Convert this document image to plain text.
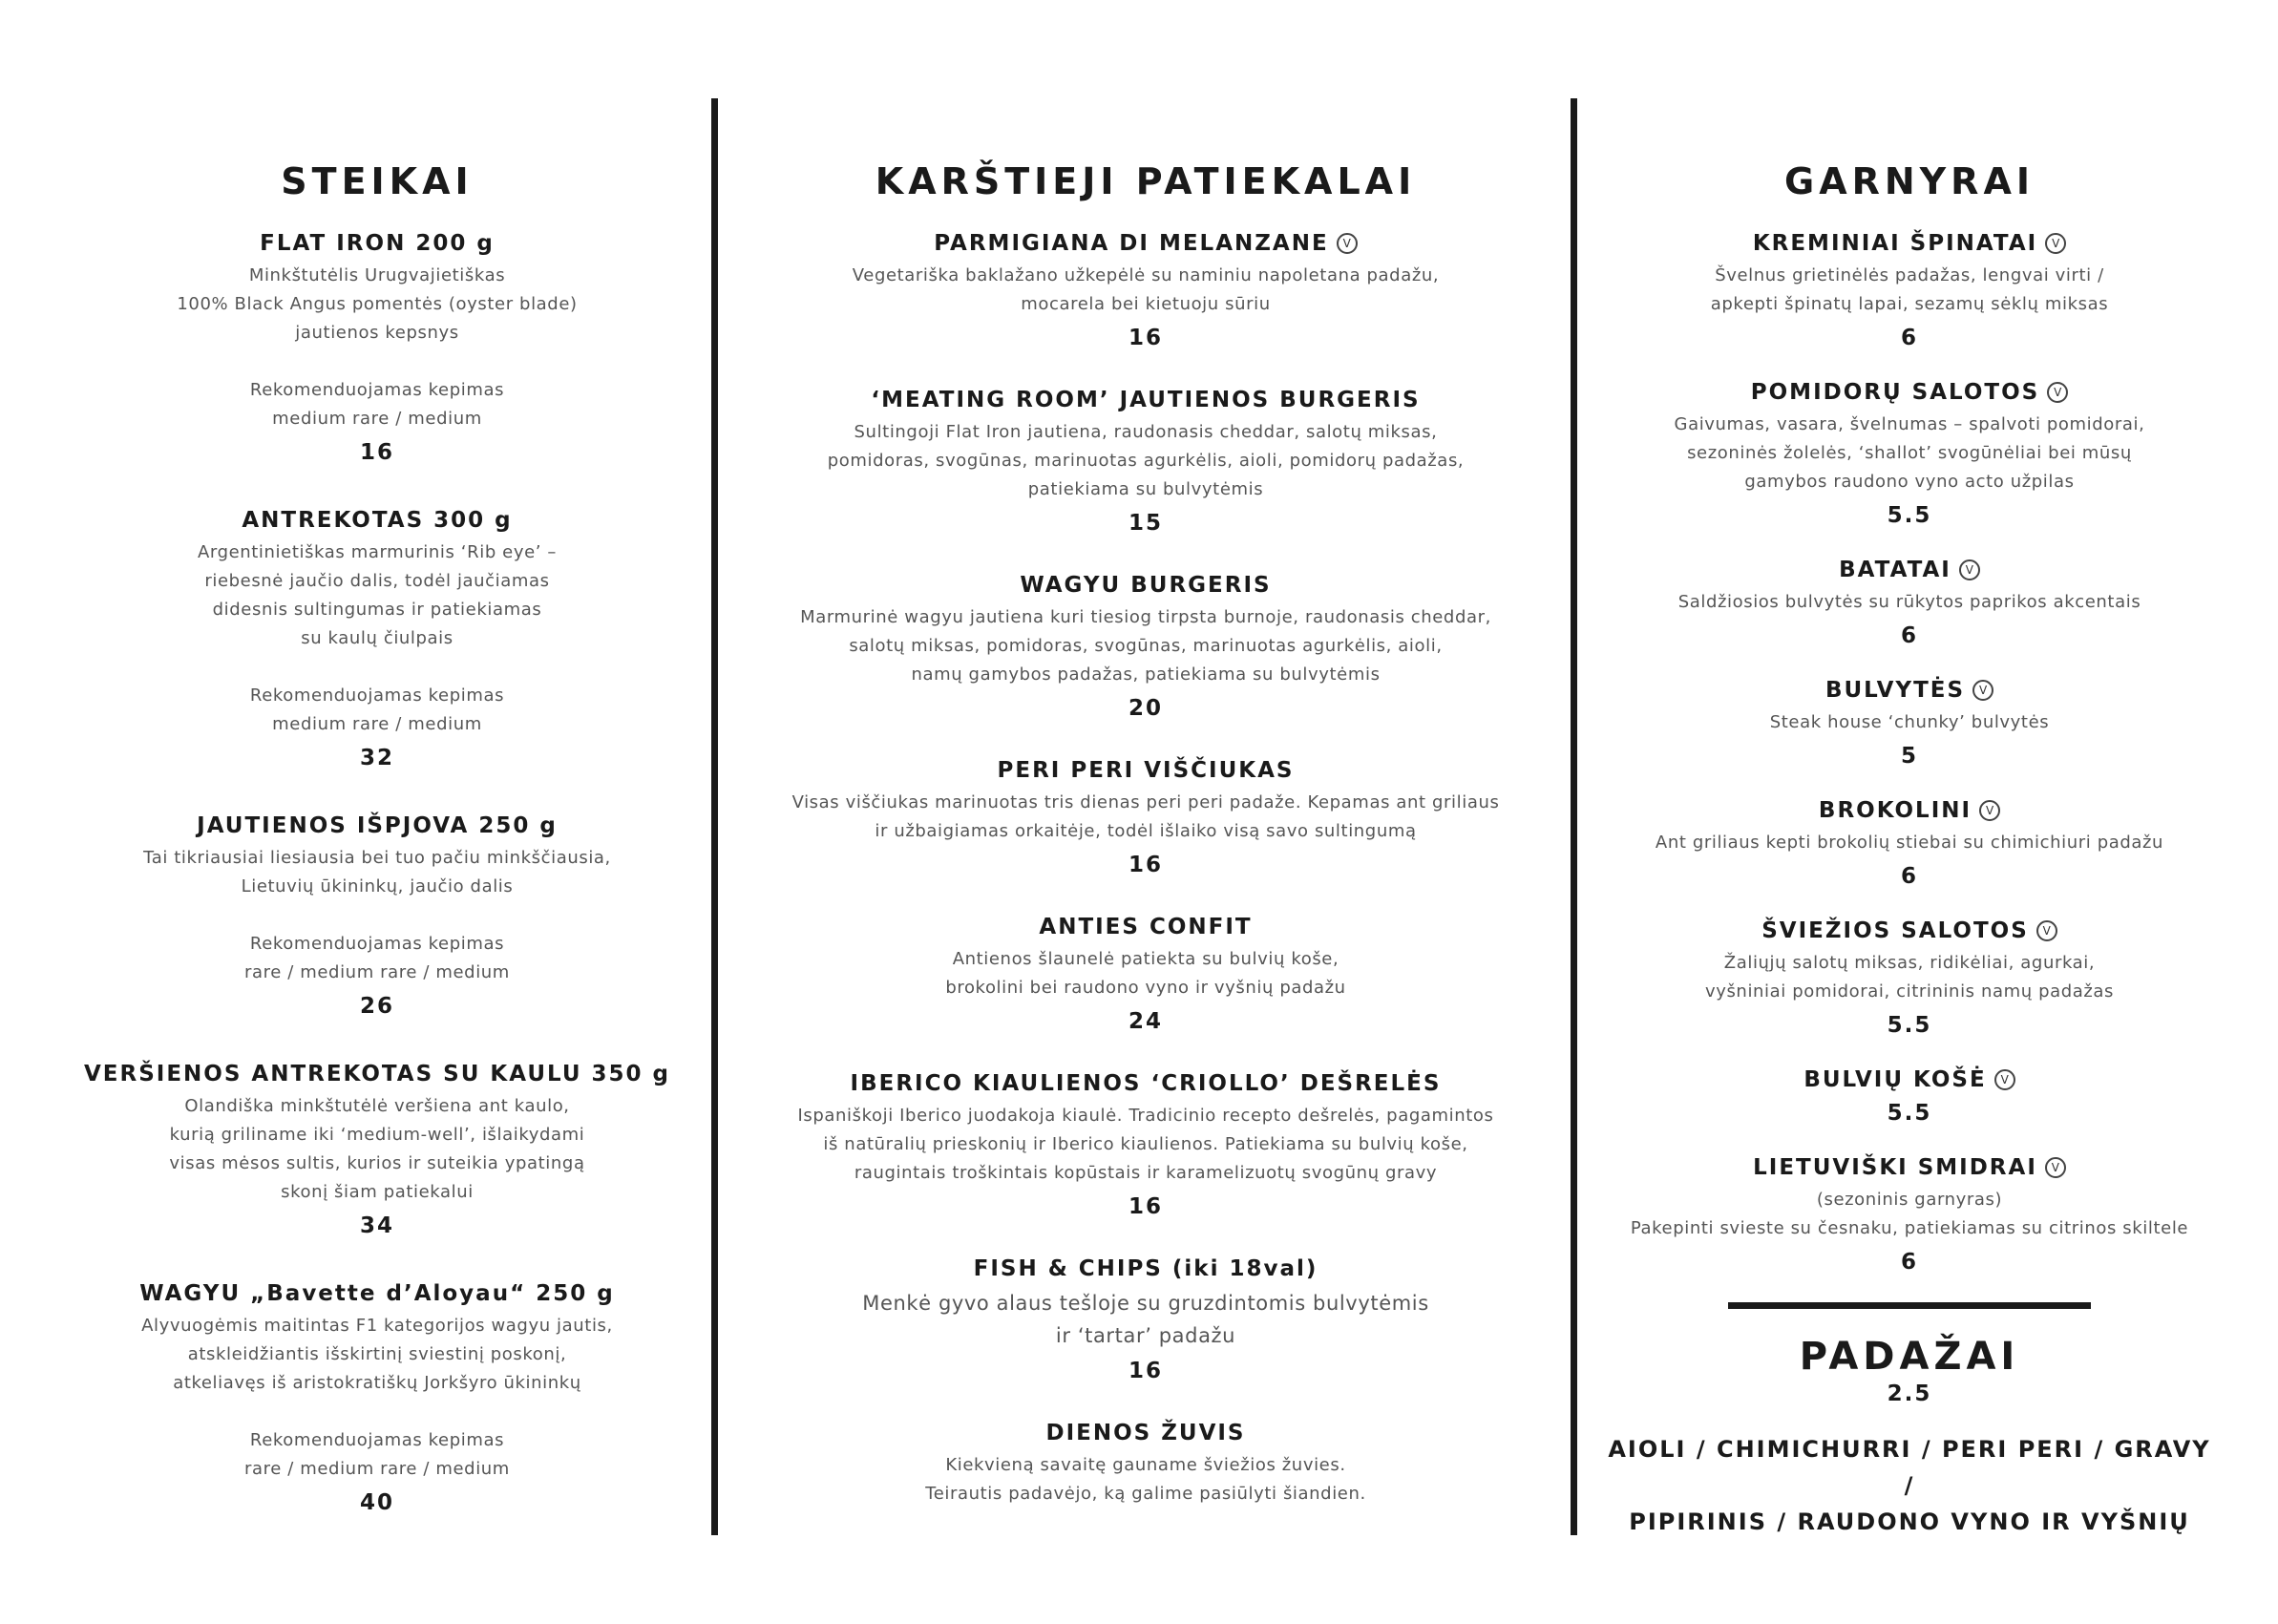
STEIKAI
FLAT IRON 200 g
Minkštutėlis Urugvajietiškas
100% Black Angus pomentės (oyster blade)
jautienos kepsnys
Rekomenduojamas kepimas
medium rare / medium
16
ANTREKOTAS 300 g
Argentinietiškas marmurinis ‘Rib eye’ –
riebesnė jaučio dalis, todėl jaučiamas
didesnis sultingumas ir patiekiamas
su kaulų čiulpais
Rekomenduojamas kepimas
medium rare / medium
32
JAUTIENOS IŠPJOVA 250 g
Tai tikriausiai liesiausia bei tuo pačiu minkščiausia,
Lietuvių ūkininkų, jaučio dalis
Rekomenduojamas kepimas
rare / medium rare / medium
26
VERŠIENOS ANTREKOTAS SU KAULU 350 g
Olandiška minkštutėlė veršiena ant kaulo,
kurią griliname iki ‘medium-well’, išlaikydami
visas mėsos sultis, kurios ir suteikia ypatingą
skonį šiam patiekalui
34
WAGYU „Bavette d’Aloyau“ 250 g
Alyvuogėmis maitintas F1 kategorijos wagyu jautis,
atskleidžiantis išskirtinį sviestinį poskonį,
atkeliavęs iš aristokratiškų Jorkšyro ūkininkų
Rekomenduojamas kepimas
rare / medium rare / medium
40
KARŠTIEJI PATIEKALAI
PARMIGIANA DI MELANZANE V
Vegetariška baklažano užkepėlė su naminiu napoletana padažu,
mocarela bei kietuoju sūriu
16
‘MEATING ROOM’ JAUTIENOS BURGERIS
Sultingoji Flat Iron jautiena, raudonasis cheddar, salotų miksas,
pomidoras, svogūnas, marinuotas agurkėlis, aioli, pomidorų padažas,
patiekiama su bulvytėmis
15
WAGYU BURGERIS
Marmurinė wagyu jautiena kuri tiesiog tirpsta burnoje, raudonasis cheddar,
salotų miksas, pomidoras, svogūnas, marinuotas agurkėlis, aioli,
namų gamybos padažas, patiekiama su bulvytėmis
20
PERI PERI VIŠČIUKAS
Visas viščiukas marinuotas tris dienas peri peri padaže. Kepamas ant griliaus
ir užbaigiamas orkaitėje, todėl išlaiko visą savo sultingumą
16
ANTIES CONFIT
Antienos šlaunelė patiekta su bulvių koše,
brokolini bei raudono vyno ir vyšnių padažu
24
IBERICO KIAULIENOS ‘CRIOLLO’ DEŠRELĖS
Ispaniškoji Iberico juodakoja kiaulė. Tradicinio recepto dešrelės, pagamintos
iš natūralių prieskonių ir Iberico kiaulienos. Patiekiama su bulvių koše,
raugintais troškintais kopūstais ir karamelizuotų svogūnų gravy
16
FISH & CHIPS (iki 18val)
Menkė gyvo alaus tešloje su gruzdintomis bulvytėmis
ir ‘tartar’ padažu
16
DIENOS ŽUVIS
Kiekvieną savaitę gauname šviežios žuvies.
Teirautis padavėjo, ką galime pasiūlyti šiandien.
GARNYRAI
KREMINIAI ŠPINATAI V
Švelnus grietinėlės padažas, lengvai virti /
apkepti špinatų lapai, sezamų sėklų miksas
6
POMIDORŲ SALOTOS V
Gaivumas, vasara, švelnumas – spalvoti pomidorai,
sezoninės žolelės, ‘shallot’ svogūnėliai bei mūsų
gamybos raudono vyno acto užpilas
5.5
BATATAI V
Saldžiosios bulvytės su rūkytos paprikos akcentais
6
BULVYTĖS V
Steak house ‘chunky’ bulvytės
5
BROKOLINI V
Ant griliaus kepti brokolių stiebai su chimichiuri padažu
6
ŠVIEŽIOS SALOTOS V
Žaliųjų salotų miksas, ridikėliai, agurkai,
vyšniniai pomidorai, citrininis namų padažas
5.5
BULVIŲ KOŠĖ V
5.5
LIETUVIŠKI SMIDRAI V
(sezoninis garnyras)
Pakepinti svieste su česnaku, patiekiamas su citrinos skiltele
6
PADAŽAI
2.5
AIOLI / CHIMICHURRI / PERI PERI / GRAVY /
PIPIRINIS / RAUDONO VYNO IR VYŠNIŲ
